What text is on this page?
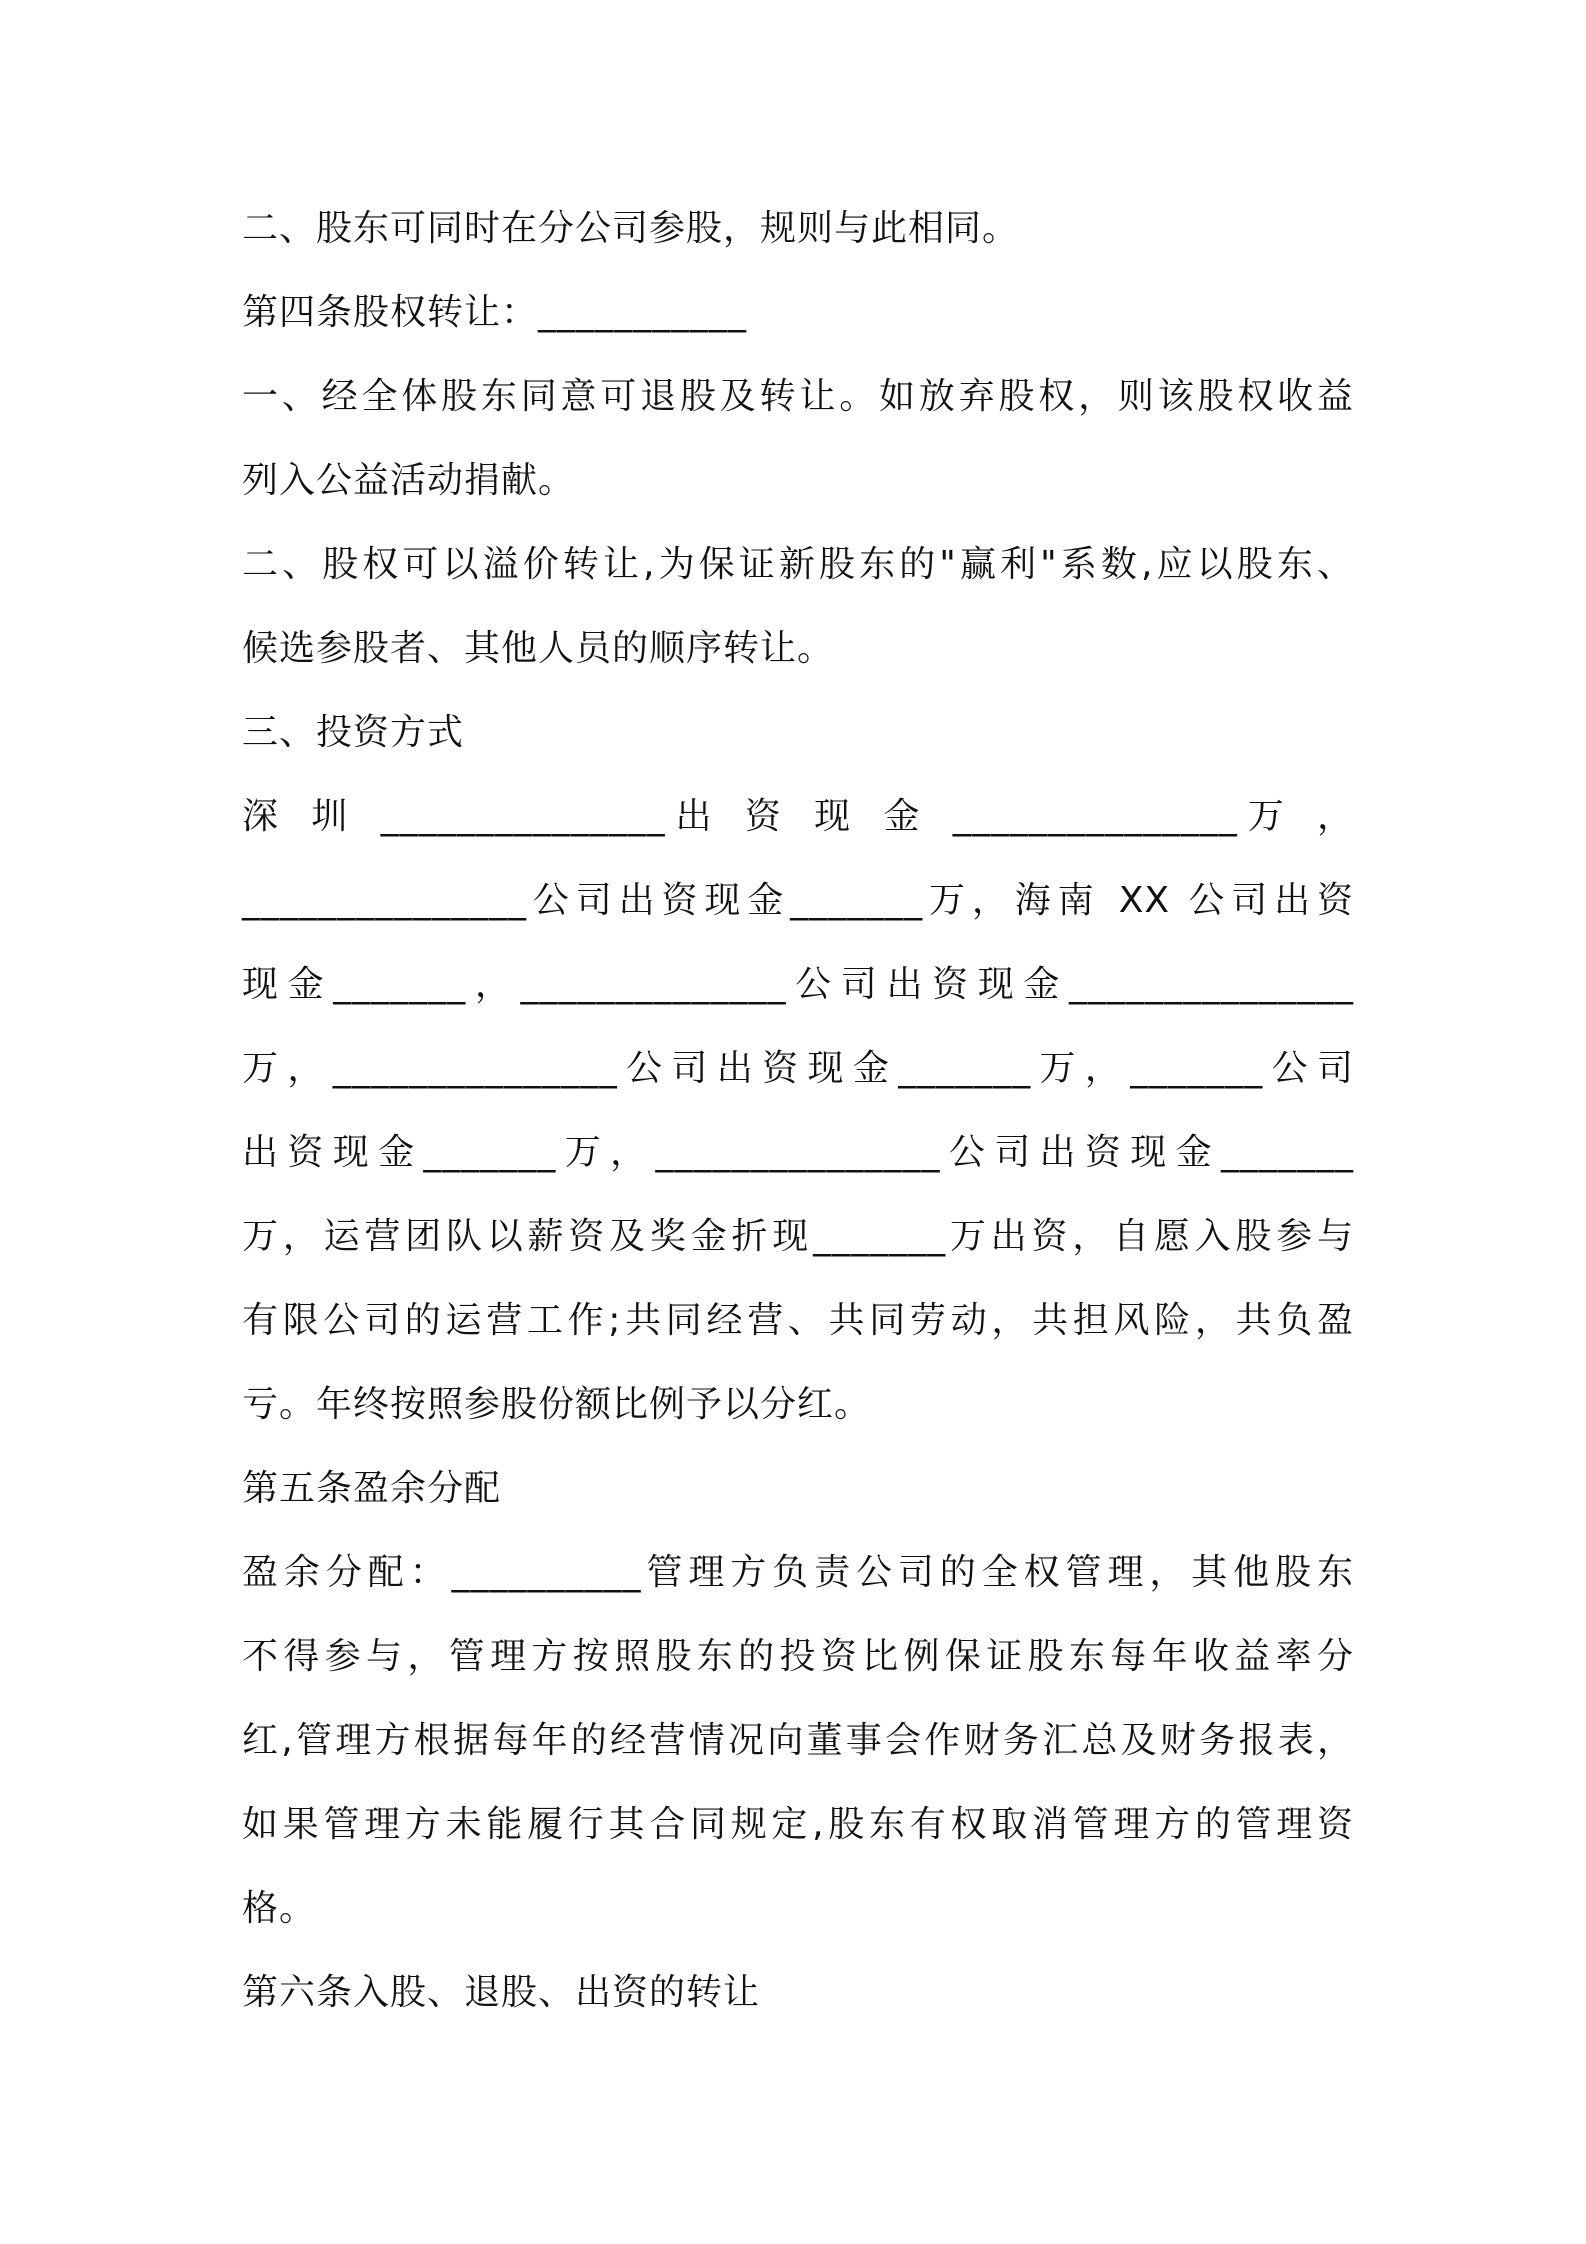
二、股东可同时在分公司参股，规则与此相同。

第四条股权转让：___________

一、经全体股东同意可退股及转让。如放弃股权，则该股权收益

列入公益活动捐献。

二、股权可以溢价转让,为保证新股东的"赢利"系数,应以股东、

候选参股者、其他人员的顺序转让。

三、投资方式

深 圳 _______________出 资 现 金 _______________万 ，

_______________公司出资现金_______万，海南 XX 公司出资

现金_______，______________公司出资现金_______________

万，_______________公司出资现金_______万，_______公司

出资现金_______万，_______________公司出资现金_______

万，运营团队以薪资及奖金折现_______万出资，自愿入股参与

有限公司的运营工作;共同经营、共同劳动，共担风险，共负盈

亏。年终按照参股份额比例予以分红。

第五条盈余分配

盈余分配：__________管理方负责公司的全权管理，其他股东

不得参与，管理方按照股东的投资比例保证股东每年收益率分

红,管理方根据每年的经营情况向董事会作财务汇总及财务报表，

如果管理方未能履行其合同规定,股东有权取消管理方的管理资

格。

第六条入股、退股、出资的转让
